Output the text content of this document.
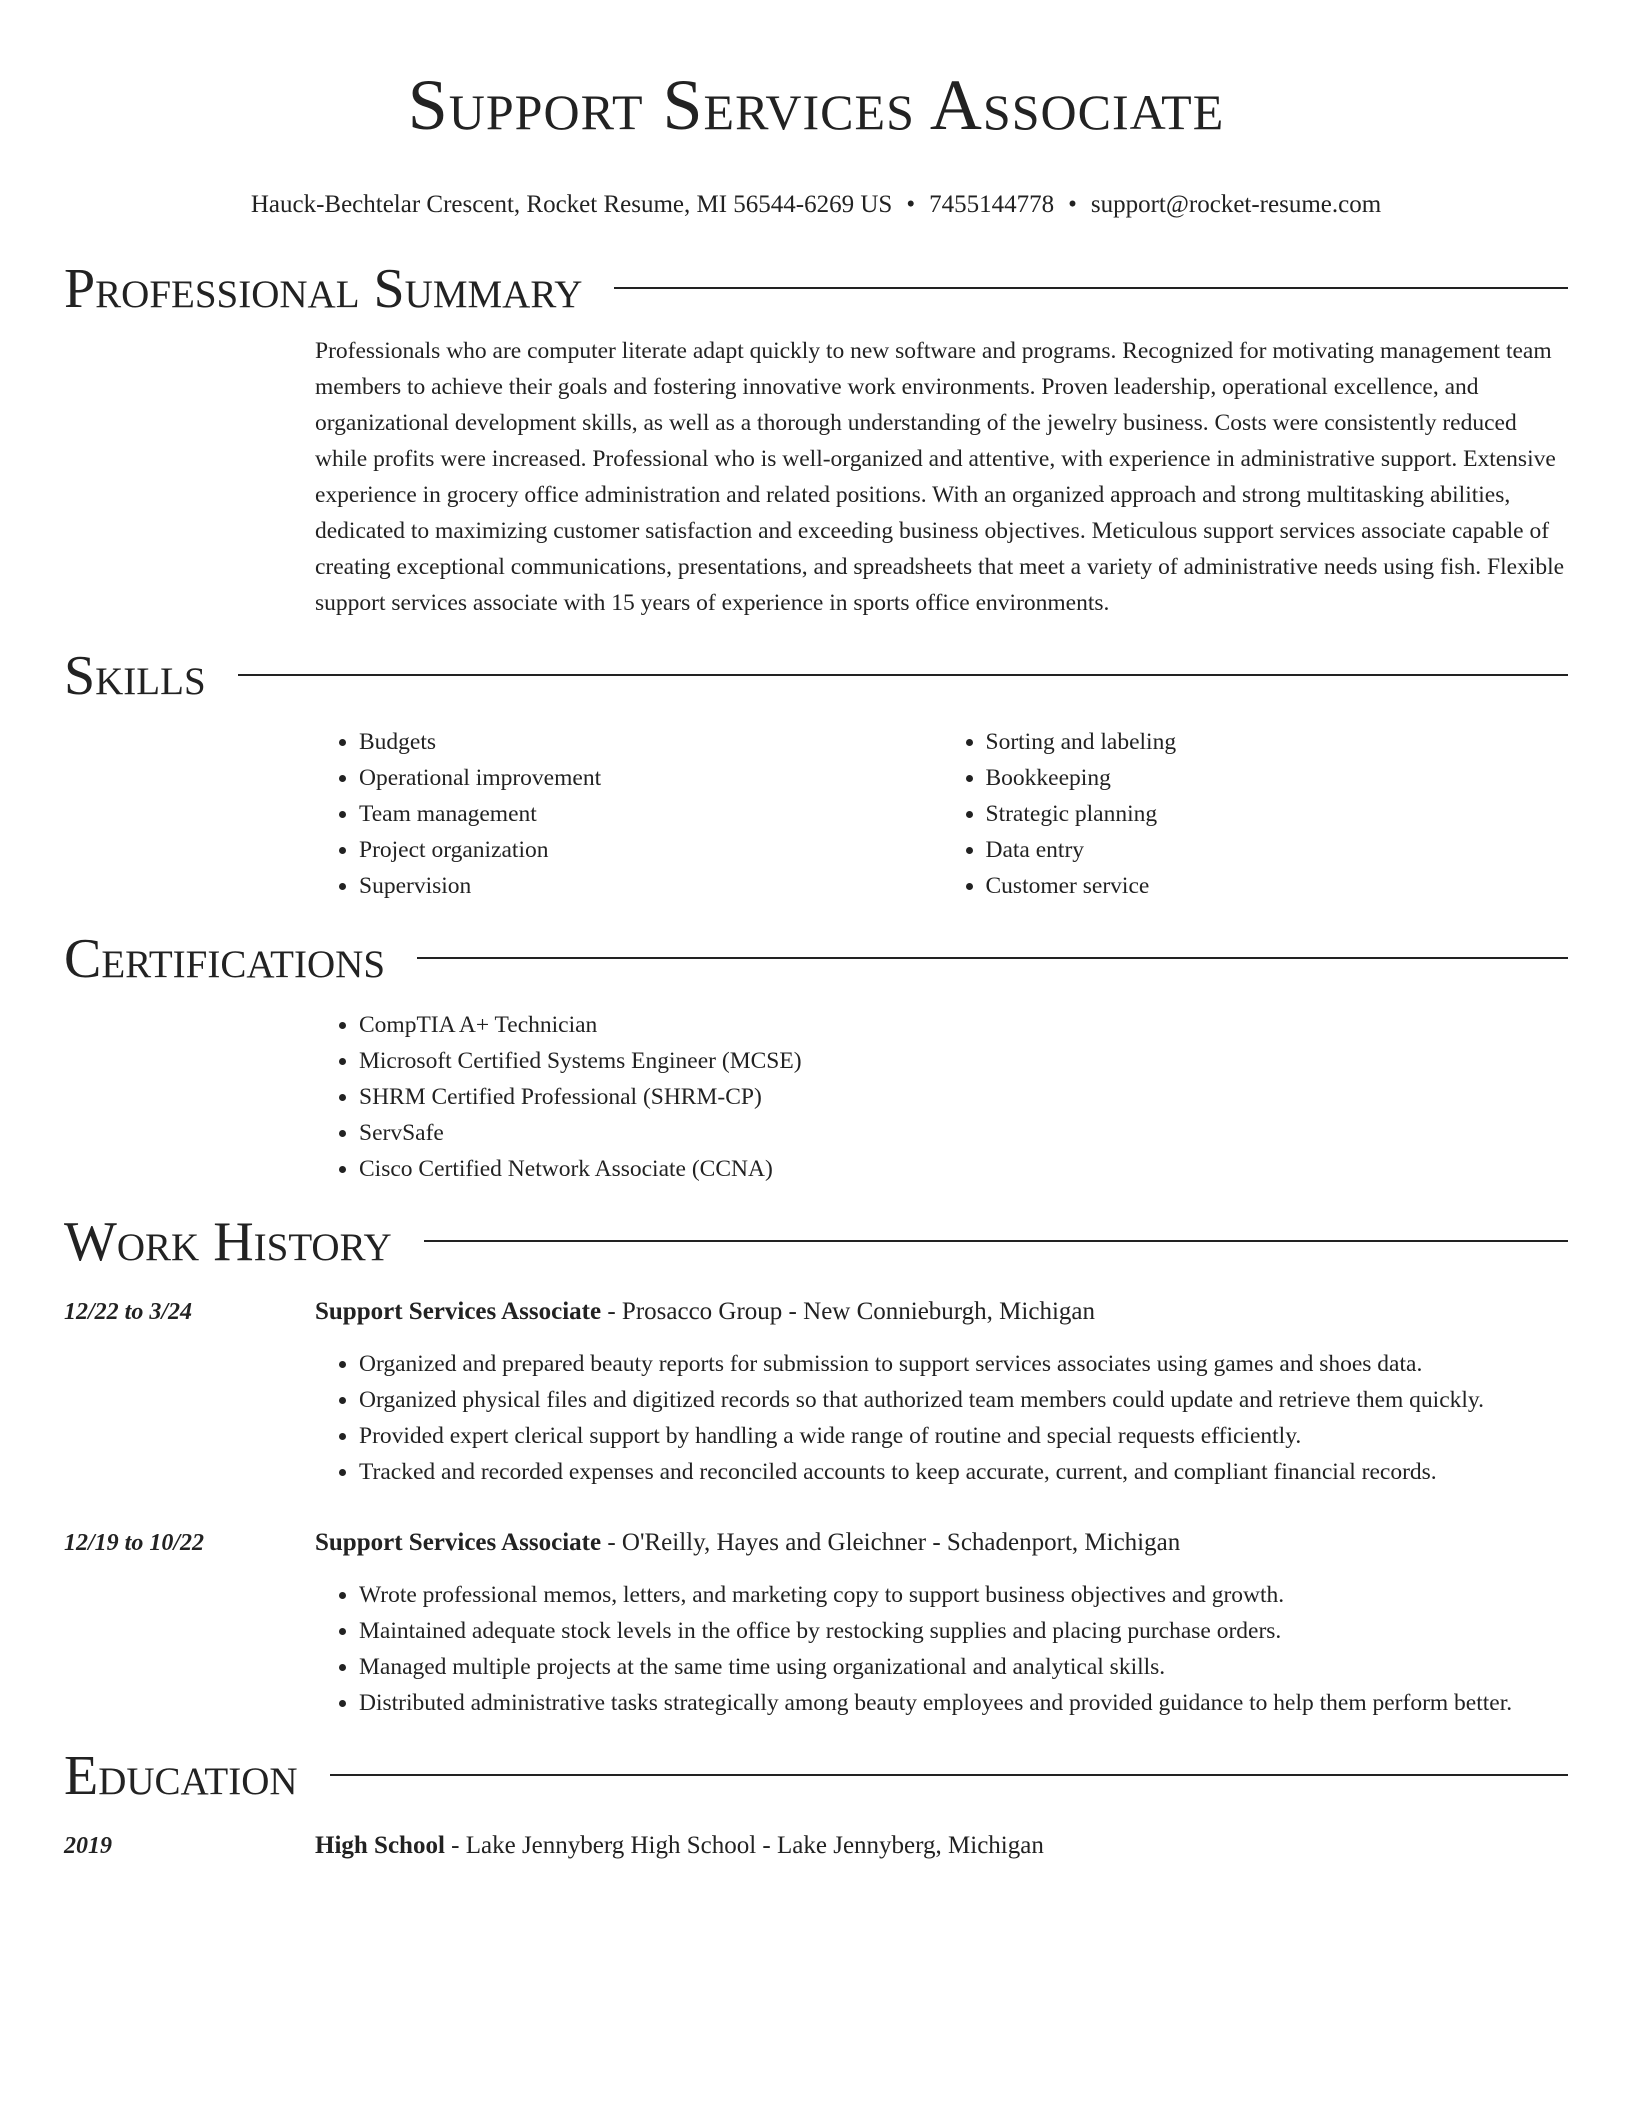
Support Services Associate
Hauck-Bechtelar Crescent, Rocket Resume, MI 56544-6269 US • 7455144778 • support@rocket-resume.com
Professional Summary

Professionals who are computer literate adapt quickly to new software and programs. Recognized for motivating management team members to achieve their goals and fostering innovative work environments. Proven leadership, operational excellence, and organizational development skills, as well as a thorough understanding of the jewelry business. Costs were consistently reduced while profits were increased. Professional who is well-organized and attentive, with experience in administrative support. Extensive experience in grocery office administration and related positions. With an organized approach and strong multitasking abilities, dedicated to maximizing customer satisfaction and exceeding business objectives. Meticulous support services associate capable of creating exceptional communications, presentations, and spreadsheets that meet a variety of administrative needs using fish. Flexible support services associate with 15 years of experience in sports office environments.

Skills
• Budgets
• Operational improvement
• Team management
• Project organization
• Supervision
• Sorting and labeling
• Bookkeeping
• Strategic planning
• Data entry
• Customer service
Certifications
• CompTIA A+ Technician
• Microsoft Certified Systems Engineer (MCSE)
• SHRM Certified Professional (SHRM-CP)
• ServSafe
• Cisco Certified Network Associate (CCNA)
Work History
12/22 to 3/24	Support Services Associate - Prosacco Group - New Connieburgh, Michigan
• Organized and prepared beauty reports for submission to support services associates using games and shoes data.
• Organized physical files and digitized records so that authorized team members could update and retrieve them quickly.
• Provided expert clerical support by handling a wide range of routine and special requests efficiently.
• Tracked and recorded expenses and reconciled accounts to keep accurate, current, and compliant financial records.
12/19 to 10/22	Support Services Associate - O'Reilly, Hayes and Gleichner - Schadenport, Michigan
• Wrote professional memos, letters, and marketing copy to support business objectives and growth.
• Maintained adequate stock levels in the office by restocking supplies and placing purchase orders.
• Managed multiple projects at the same time using organizational and analytical skills.
• Distributed administrative tasks strategically among beauty employees and provided guidance to help them perform better.
Education
2019	High School - Lake Jennyberg High School - Lake Jennyberg, Michigan
